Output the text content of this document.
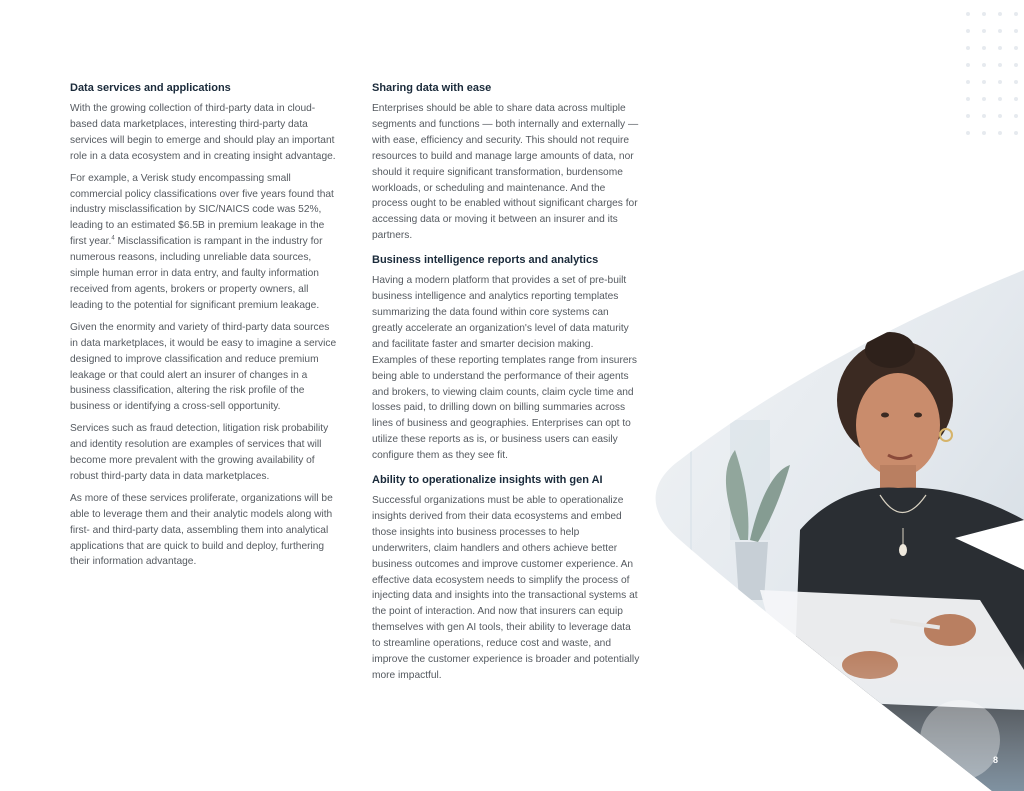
Data services and applications

With the growing collection of third-party data in cloud-based data marketplaces, interesting third-party data services will begin to emerge and should play an important role in a data ecosystem and in creating insight advantage.

For example, a Verisk study encompassing small commercial policy classifications over five years found that industry misclassification by SIC/NAICS code was 52%, leading to an estimated $6.5B in premium leakage in the first year.$^4$ Misclassification is rampant in the industry for numerous reasons, including unreliable data sources, simple human error in data entry, and faulty information received from agents, brokers or property owners, all leading to the potential for significant premium leakage.

Given the enormity and variety of third-party data sources in data marketplaces, it would be easy to imagine a service designed to improve classification and reduce premium leakage or that could alert an insurer of changes in a business classification, altering the risk profile of the business or identifying a cross-sell opportunity.

Services such as fraud detection, litigation risk probability and identity resolution are examples of services that will become more prevalent with the growing availability of robust third-party data in data marketplaces.

As more of these services proliferate, organizations will be able to leverage them and their analytic models along with first- and third-party data, assembling them into analytical applications that are quick to build and deploy, furthering their information advantage.

Sharing data with ease

Enterprises should be able to share data across multiple segments and functions — both internally and externally — with ease, efficiency and security. This should not require resources to build and manage large amounts of data, nor should it require significant transformation, burdensome workloads, or scheduling and maintenance. And the process ought to be enabled without significant charges for accessing data or moving it between an insurer and its partners.

Business intelligence reports and analytics

Having a modern platform that provides a set of pre-built business intelligence and analytics reporting templates summarizing the data found within core systems can greatly accelerate an organization's level of data maturity and facilitate faster and smarter decision making. Examples of these reporting templates range from insurers being able to understand the performance of their agents and brokers, to viewing claim counts, claim cycle time and losses paid, to drilling down on billing summaries across lines of business and geographies. Enterprises can opt to utilize these reports as is, or business users can easily configure them as they see fit.

Ability to operationalize insights with gen AI

Successful organizations must be able to operationalize insights derived from their data ecosystems and embed those insights into business processes to help underwriters, claim handlers and others achieve better business outcomes and improve customer experience. An effective data ecosystem needs to simplify the process of injecting data and insights into the transactional systems at the point of interaction. And now that insurers can equip themselves with gen AI tools, their ability to leverage data to streamline operations, reduce cost and waste, and improve the customer experience is broader and potentially more impactful.

8
